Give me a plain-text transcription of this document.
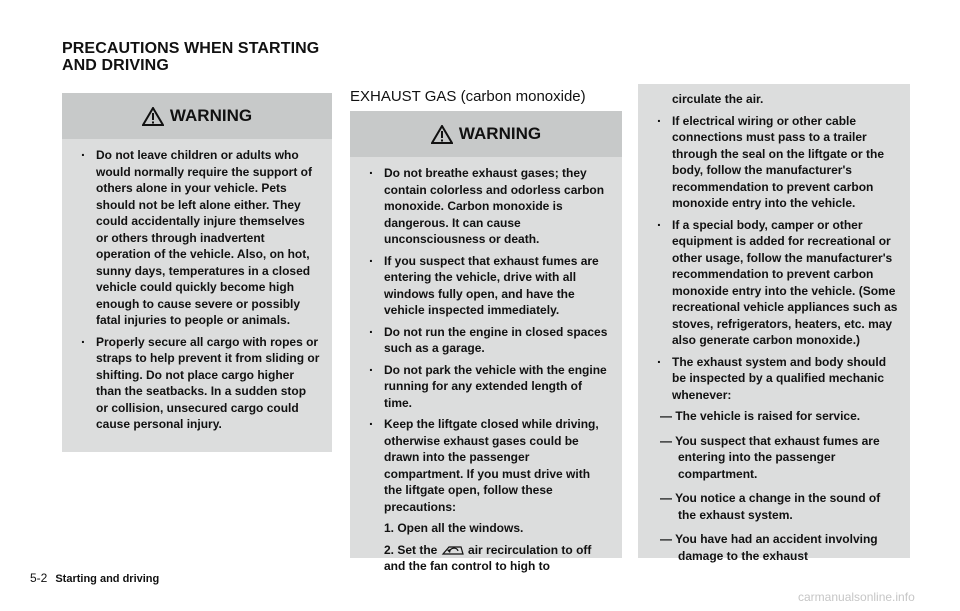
PRECAUTIONS WHEN STARTING
AND DRIVING
WARNING
. Do not leave children or adults who would normally require the support of others alone in your vehicle. Pets should not be left alone either. They could accidentally injure themselves or others through inadvertent operation of the vehicle. Also, on hot, sunny days, temperatures in a closed vehicle could quickly become high enough to cause severe or possibly fatal injuries to people or animals.
. Properly secure all cargo with ropes or straps to help prevent it from sliding or shifting. Do not place cargo higher than the seatbacks. In a sudden stop or collision, unsecured cargo could cause personal injury.
EXHAUST GAS (carbon monoxide)
WARNING
. Do not breathe exhaust gases; they contain colorless and odorless carbon monoxide. Carbon monoxide is dangerous. It can cause unconsciousness or death.
. If you suspect that exhaust fumes are entering the vehicle, drive with all windows fully open, and have the vehicle inspected immediately.
. Do not run the engine in closed spaces such as a garage.
. Do not park the vehicle with the engine running for any extended length of time.
. Keep the liftgate closed while driving, otherwise exhaust gases could be drawn into the passenger compartment. If you must drive with the liftgate open, follow these precautions:
1. Open all the windows.
2. Set the	air recirculation to off and the fan control to high to
circulate the air.
. If electrical wiring or other cable connections must pass to a trailer through the seal on the liftgate or the body, follow the manufacturer's recommendation to prevent carbon monoxide entry into the vehicle.
. If a special body, camper or other equipment is added for recreational or other usage, follow the manufacturer's recommendation to prevent carbon monoxide entry into the vehicle. (Some recreational vehicle appliances such as stoves, refrigerators, heaters, etc. may also generate carbon monoxide.)
. The exhaust system and body should be inspected by a qualified mechanic whenever:
— The vehicle is raised for service.
— You suspect that exhaust fumes are entering into the passenger compartment.
— You notice a change in the sound of the exhaust system.
— You have had an accident involving damage to the exhaust
5-2 Starting and driving
carmanualsonline.info
